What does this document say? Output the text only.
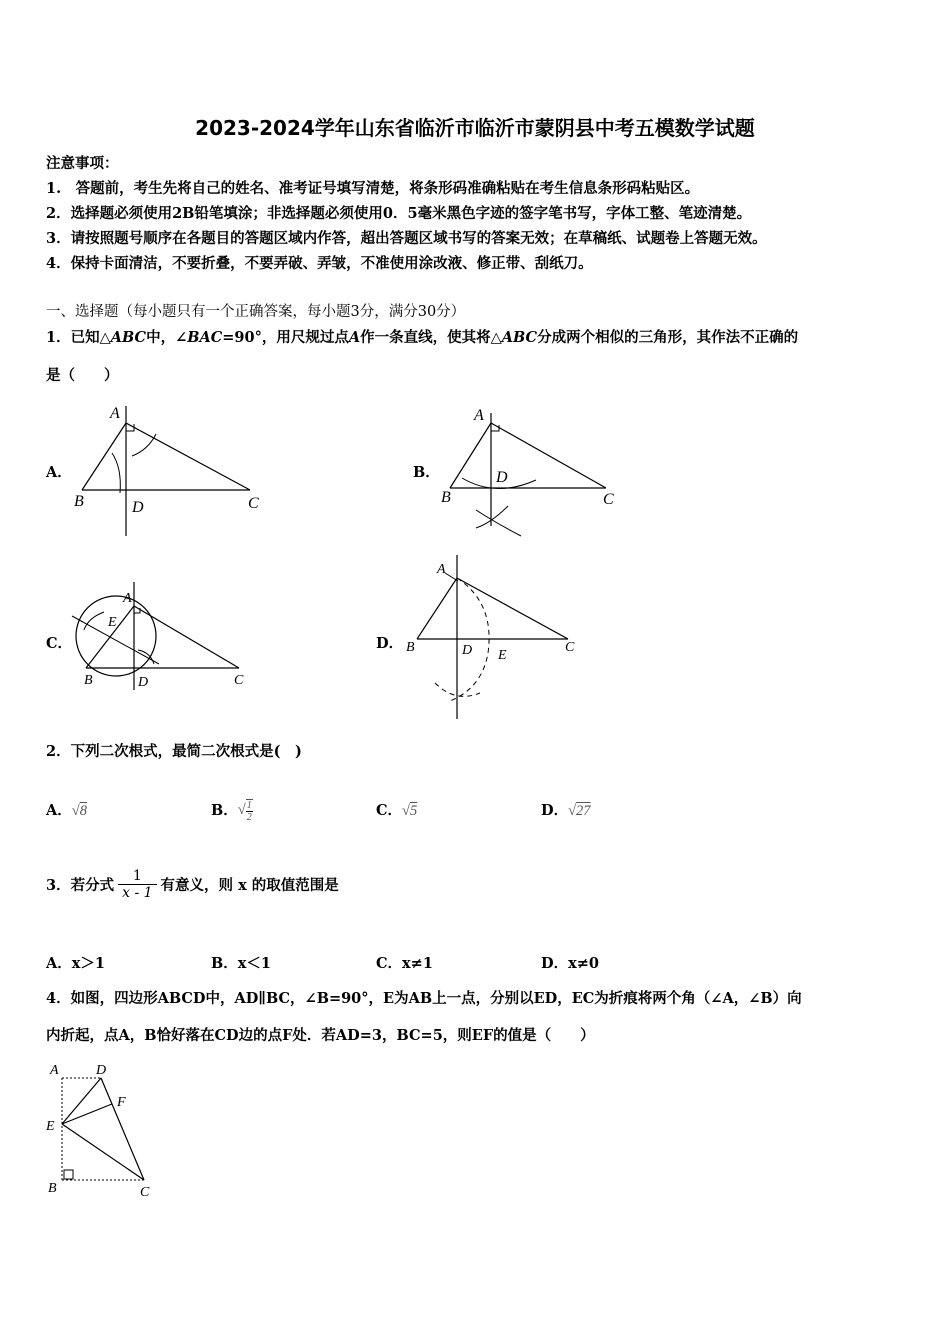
2023-2024学年山东省临沂市临沂市蒙阴县中考五模数学试题
注意事项：
1.　答题前，考生先将自己的姓名、准考证号填写清楚，将条形码准确粘贴在考生信息条形码粘贴区。
2．选择题必须使用2B铅笔填涂；非选择题必须使用0．5毫米黑色字迹的签字笔书写，字体工整、笔迹清楚。
3．请按照题号顺序在各题目的答题区域内作答，超出答题区域书写的答案无效；在草稿纸、试题卷上答题无效。
4．保持卡面清洁，不要折叠，不要弄破、弄皱，不准使用涂改液、修正带、刮纸刀。
一、选择题（每小题只有一个正确答案，每小题3分，满分30分）
1．已知△ABC中，∠BAC=90°，用尺规过点A作一条直线，使其将△ABC分成两个相似的三角形，其作法不正确的
是（　　）
A．	B．
C．	D．
A
B	D	C
A
D
B	C
A
E
B	D	C
A
B	D E
C
2．下列二次根式，最简二次根式是(　)
A．√8	B．√ $\frac{1}{2}$	C．√5	D．√27
3．若分式 $\frac{1}{x - 1}$ 有意义，则 x 的取值范围是
A．x＞1	B．x＜1	C．x≠1	D．x≠0
4．如图，四边形ABCD中，AD∥BC，∠B=90°，E为AB上一点，分别以ED，EC为折痕将两个角（∠A，∠B）向
内折起，点A，B恰好落在CD边的点F处．若AD=3，BC=5，则EF的值是（　　）
A	D
F
E
B	C
